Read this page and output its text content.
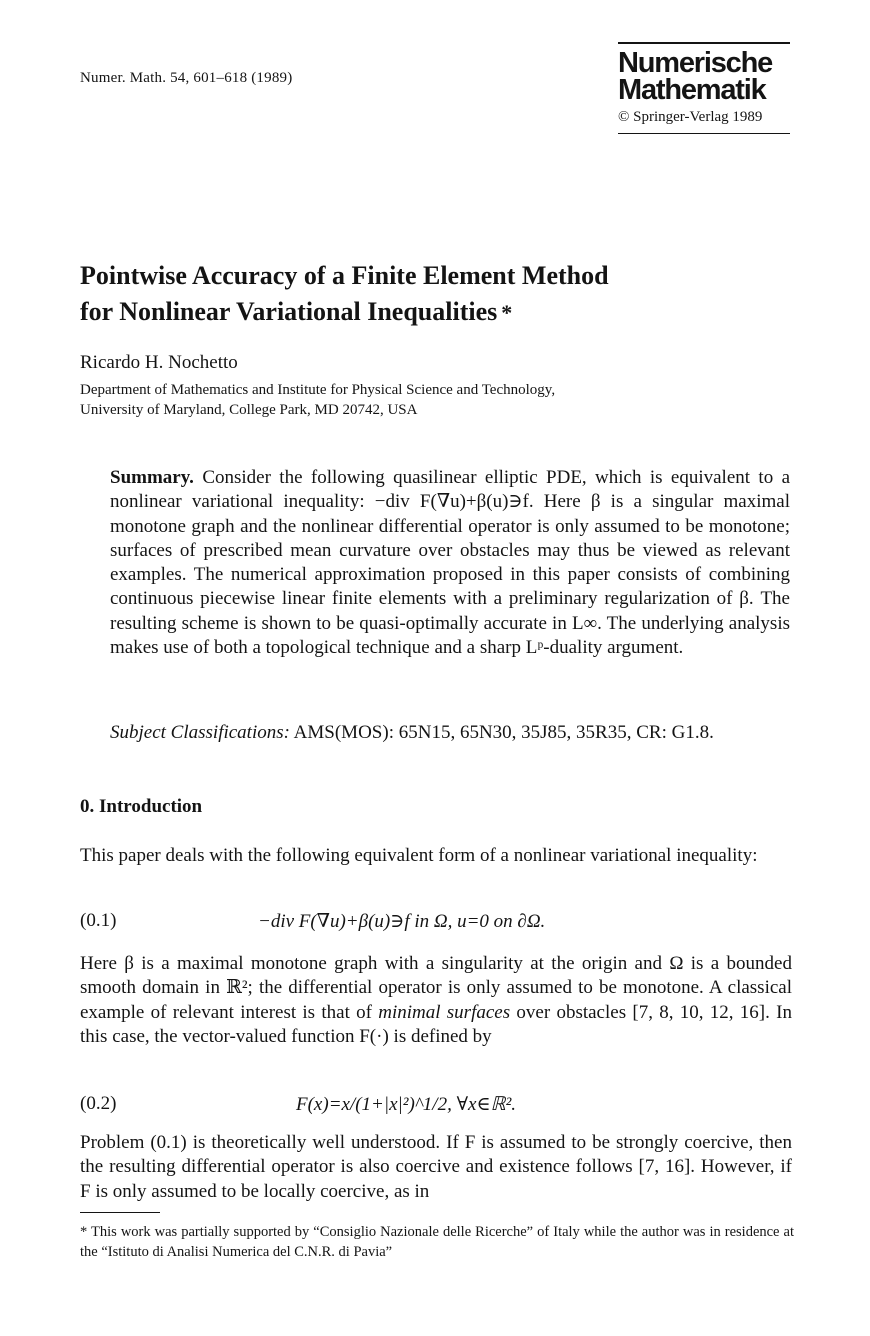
Numer. Math. 54, 601–618 (1989)	Numerische
Mathematik
© Springer-Verlag 1989
Pointwise Accuracy of a Finite Element Method
for Nonlinear Variational Inequalities *
Ricardo H. Nochetto
Department of Mathematics and Institute for Physical Science and Technology,
University of Maryland, College Park, MD 20742, USA
Summary. Consider the following quasilinear elliptic PDE, which is equivalent to a nonlinear variational inequality: −div F(∇u)+β(u)∋f. Here β is a singular maximal monotone graph and the nonlinear differential operator is only assumed to be monotone; surfaces of prescribed mean curvature over obstacles may thus be viewed as relevant examples. The numerical approximation proposed in this paper consists of combining continuous piecewise linear finite elements with a preliminary regularization of β. The resulting scheme is shown to be quasi-optimally accurate in L∞. The underlying analysis makes use of both a topological technique and a sharp Lᵖ-duality argument.
Subject Classifications: AMS(MOS): 65N15, 65N30, 35J85, 35R35, CR: G1.8.
0. Introduction
This paper deals with the following equivalent form of a nonlinear variational inequality:
(0.1)	−div F(∇u)+β(u)∋f in Ω, u=0 on ∂Ω.
Here β is a maximal monotone graph with a singularity at the origin and Ω is a bounded smooth domain in ℝ²; the differential operator is only assumed to be monotone. A classical example of relevant interest is that of minimal surfaces over obstacles [7, 8, 10, 12, 16]. In this case, the vector-valued function F(·) is defined by
(0.2)	F(x)=x/(1+|x|²)^1/2, ∀x∈ℝ².
Problem (0.1) is theoretically well understood. If F is assumed to be strongly coercive, then the resulting differential operator is also coercive and existence follows [7, 16]. However, if F is only assumed to be locally coercive, as in
* This work was partially supported by “Consiglio Nazionale delle Ricerche” of Italy while the author was in residence at the “Istituto di Analisi Numerica del C.N.R. di Pavia”
